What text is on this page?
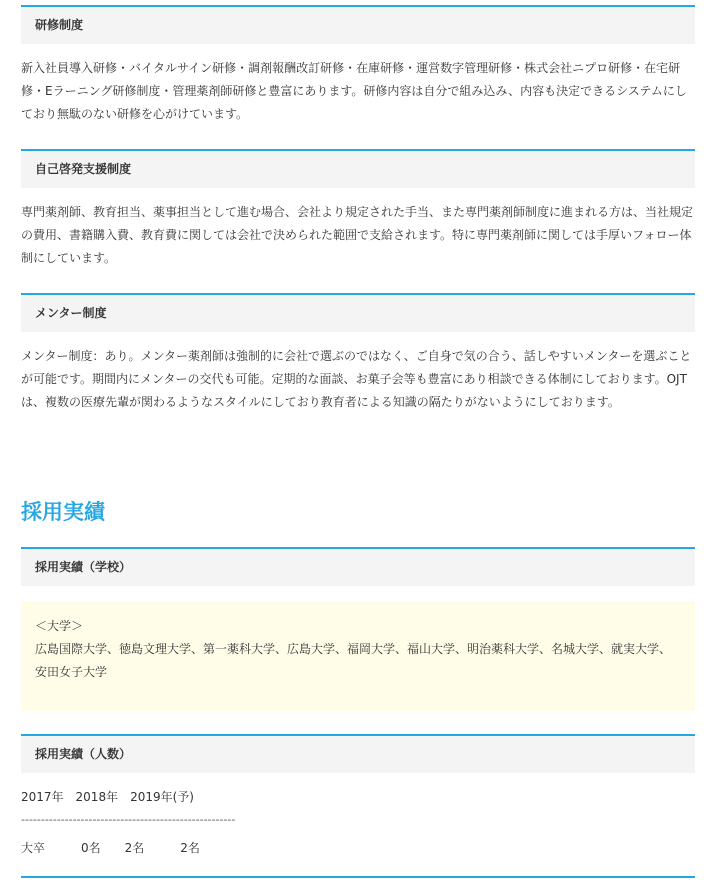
研修制度

新入社員導入研修・バイタルサイン研修・調剤報酬改訂研修・在庫研修・運営数字管理研修・株式会社ニプロ研修・在宅研修・Eラーニング研修制度・管理薬剤師研修と豊富にあります。研修内容は自分で組み込み、内容も決定できるシステムにしており無駄のない研修を心がけています。

自己啓発支援制度

専門薬剤師、教育担当、薬事担当として進む場合、会社より規定された手当、また専門薬剤師制度に進まれる方は、当社規定の費用、書籍購入費、教育費に関しては会社で決められた範囲で支給されます。特に専門薬剤師に関しては手厚いフォロー体制にしています。

メンター制度

メンター制度：あり。メンター薬剤師は強制的に会社で選ぶのではなく、ご自身で気の合う、話しやすいメンターを選ぶことが可能です。期間内にメンターの交代も可能。定期的な面談、お菓子会等も豊富にあり相談できる体制にしております。OJTは、複数の医療先輩が関わるようなスタイルにしており教育者による知識の隔たりがないようにしております。

採用実績
採用実績（学校）
＜大学＞
広島国際大学、徳島文理大学、第一薬科大学、広島大学、福岡大学、福山大学、明治薬科大学、名城大学、就実大学、安田女子大学
採用実績（人数）
2017年　2018年　2019年(予)
------------------------------------------------------
大卒　　　0名　　2名　　　2名
